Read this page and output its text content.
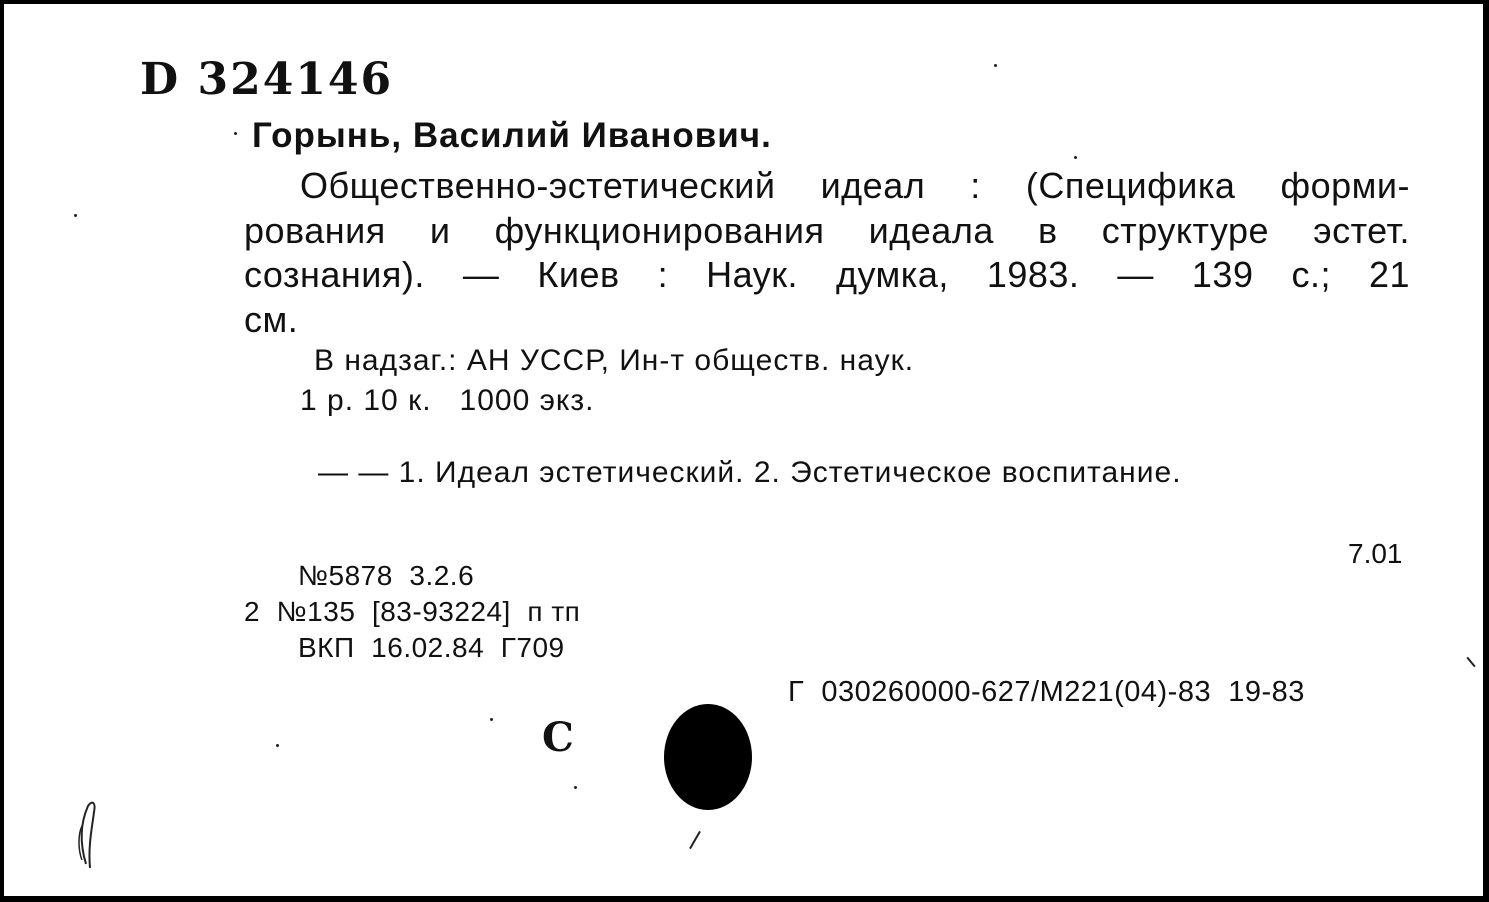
D 324146
Горынь, Василий Иванович.
Общественно-эстетический идеал : (Специфика форми-
рования и функционирования идеала в структуре эстет.
сознания). — Киев : Наук. думка, 1983. — 139 с.; 21
см.
В надзаг.: АН УССР, Ин-т обществ. наук.
1 р. 10 к.   1000 экз.
— — 1. Идеал эстетический. 2. Эстетическое воспитание.
7.01
№5878  3.2.6
2  №135  [83-93224]  п тп
ВКП  16.02.84  Г709
Г  030260000-627/М221(04)-83  19-83
С
